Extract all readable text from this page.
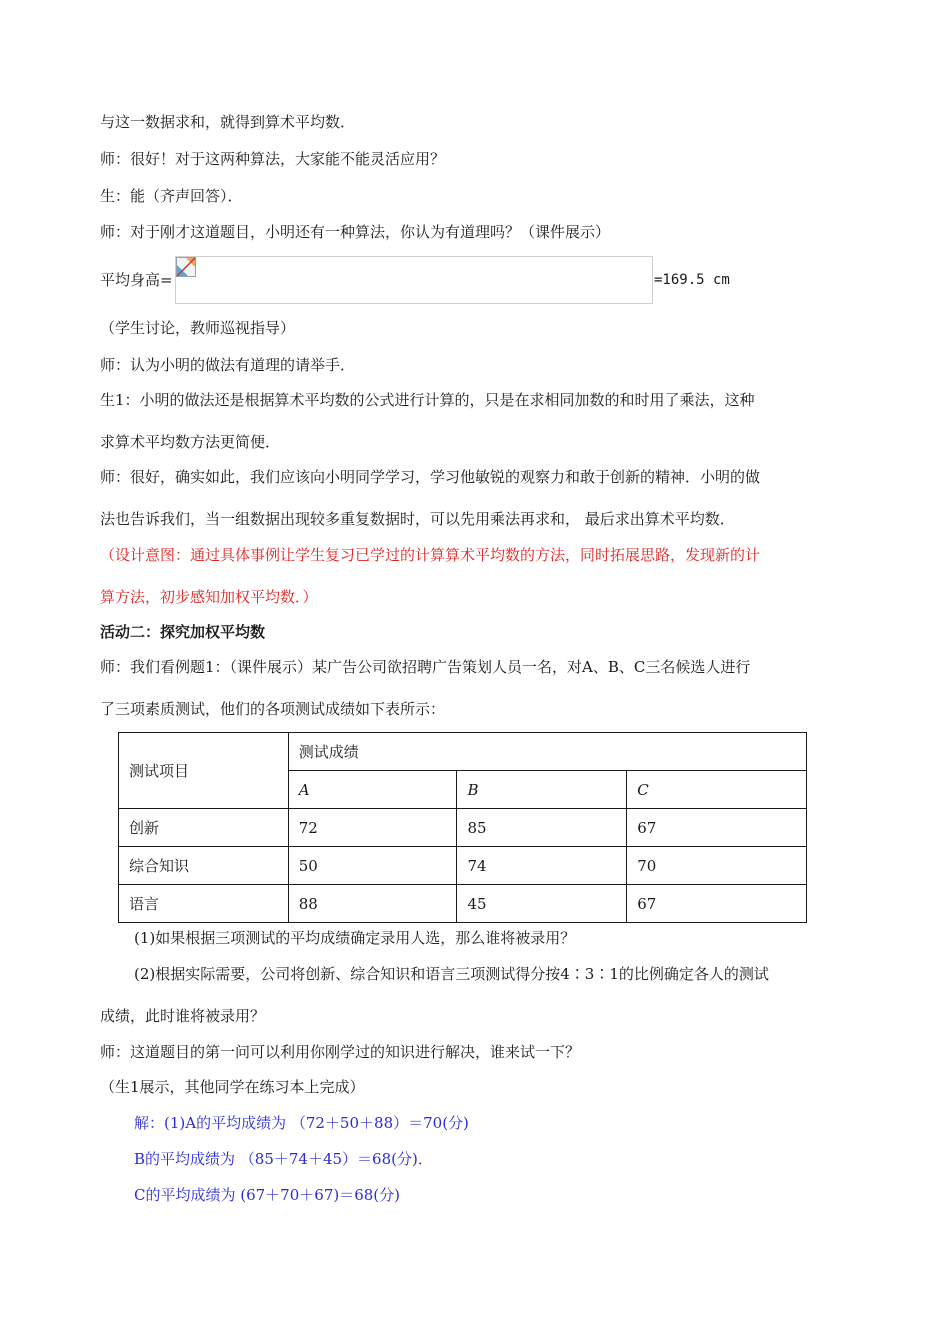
与这一数据求和，就得到算术平均数．
师：很好！对于这两种算法，大家能不能灵活应用？
生：能（齐声回答）．
师：对于刚才这道题目，小明还有一种算法，你认为有道理吗？（课件展示）
平均身高=	=169.5 cm
（学生讨论，教师巡视指导）
师：认为小明的做法有道理的请举手．
生1：小明的做法还是根据算术平均数的公式进行计算的，只是在求相同加数的和时用了乘法，这种
求算术平均数方法更简便．
师：很好，确实如此，我们应该向小明同学学习，学习他敏锐的观察力和敢于创新的精神．小明的做
法也告诉我们，当一组数据出现较多重复数据时，可以先用乘法再求和， 最后求出算术平均数．
（设计意图：通过具体事例让学生复习已学过的计算算术平均数的方法，同时拓展思路，发现新的计
算方法，初步感知加权平均数．）
活动二：探究加权平均数
师：我们看例题1：（课件展示）某广告公司欲招聘广告策划人员一名，对A、B、C三名候选人进行
了三项素质测试，他们的各项测试成绩如下表所示：
测试项目	测试成绩		
	A	B	C
创新	72	85	67
综合知识	50	74	70
语言	88	45	67
(1)如果根据三项测试的平均成绩确定录用人选，那么谁将被录用？
(2)根据实际需要，公司将创新、综合知识和语言三项测试得分按4∶3∶1的比例确定各人的测试
成绩，此时谁将被录用？
师：这道题目的第一问可以利用你刚学过的知识进行解决，谁来试一下？
（生1展示，其他同学在练习本上完成）
解：(1)A的平均成绩为 （72＋50＋88）＝70(分)
B的平均成绩为 （85＋74＋45）＝68(分)．
C的平均成绩为 (67＋70＋67)＝68(分)
